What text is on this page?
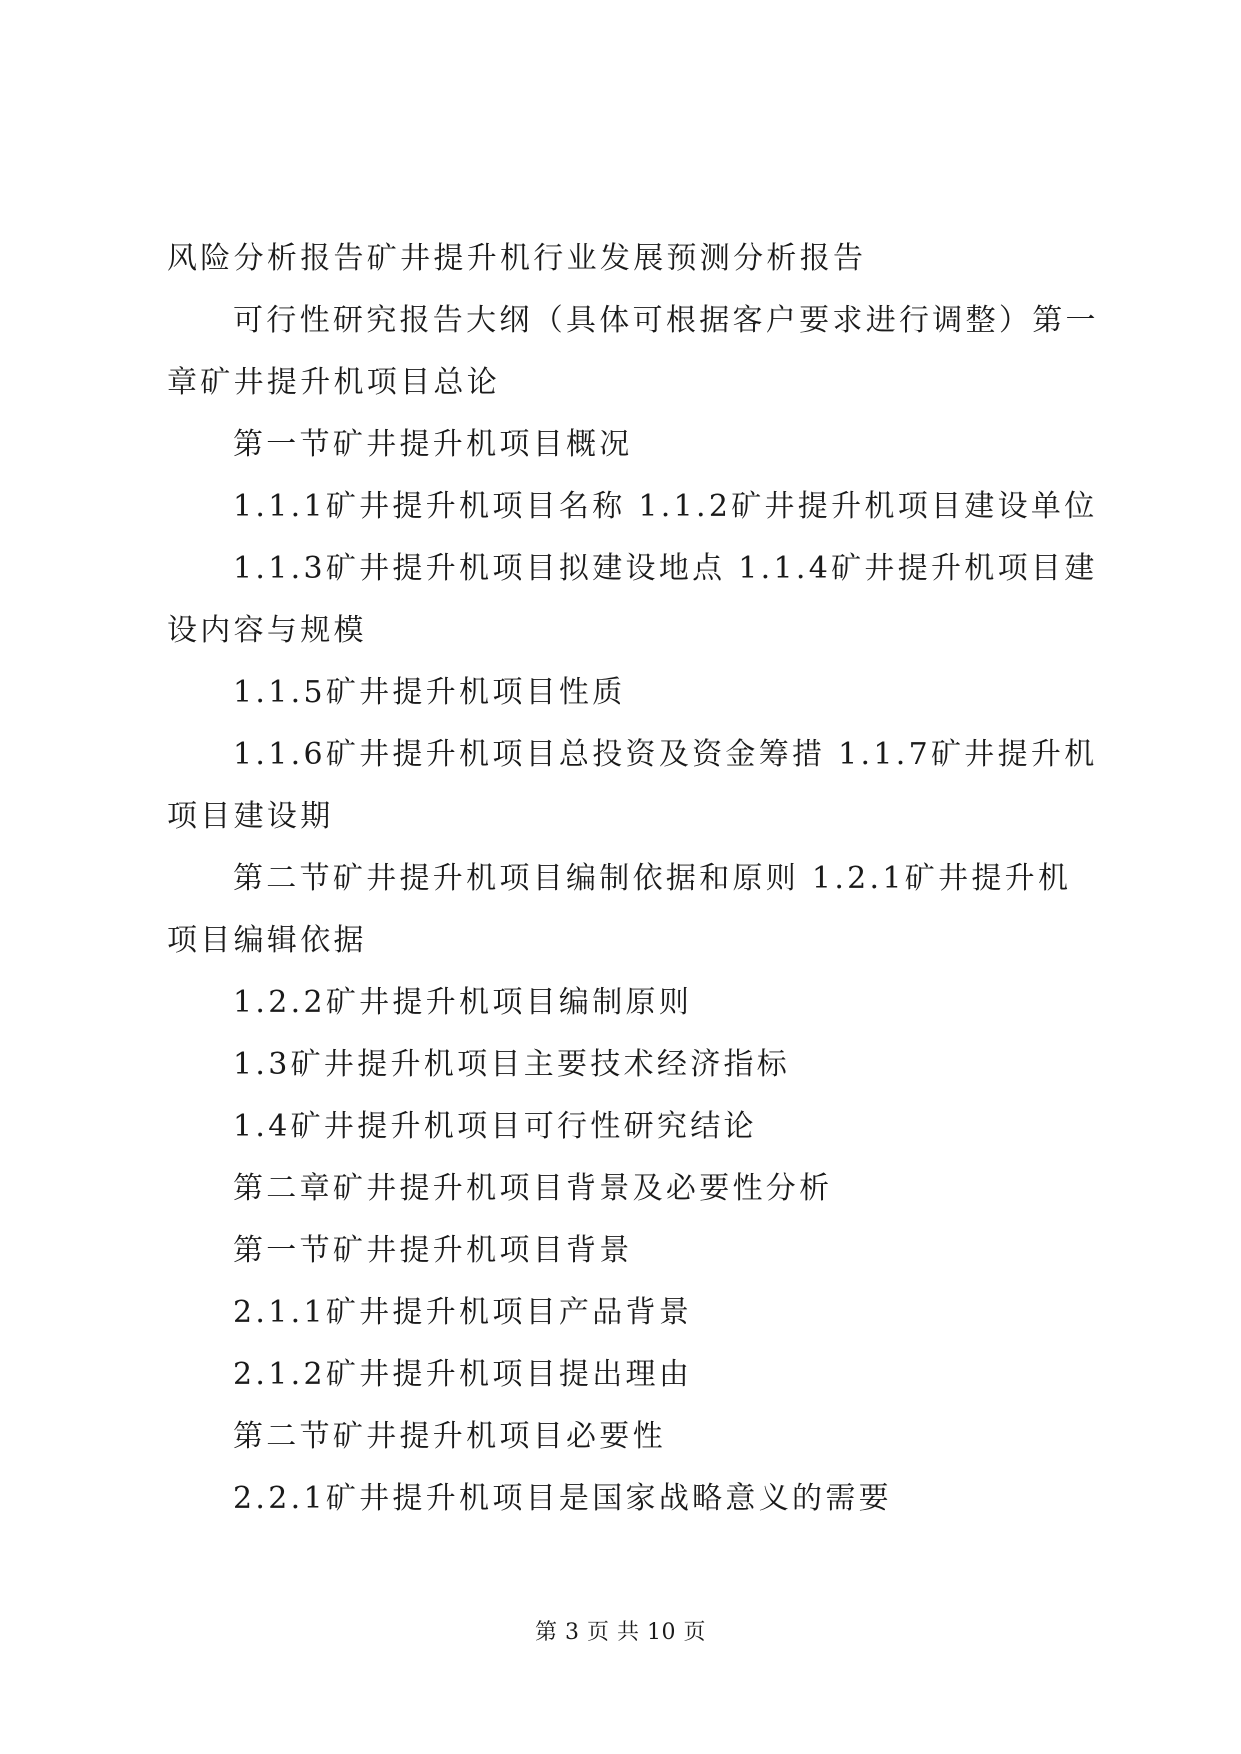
风险分析报告矿井提升机行业发展预测分析报告
可行性研究报告大纲（具体可根据客户要求进行调整）第一
章矿井提升机项目总论
第一节矿井提升机项目概况
1.1.1矿井提升机项目名称 1.1.2矿井提升机项目建设单位
1.1.3矿井提升机项目拟建设地点 1.1.4矿井提升机项目建
设内容与规模
1.1.5矿井提升机项目性质
1.1.6矿井提升机项目总投资及资金筹措 1.1.7矿井提升机
项目建设期
第二节矿井提升机项目编制依据和原则 1.2.1矿井提升机
项目编辑依据
1.2.2矿井提升机项目编制原则
1.3矿井提升机项目主要技术经济指标
1.4矿井提升机项目可行性研究结论
第二章矿井提升机项目背景及必要性分析
第一节矿井提升机项目背景
2.1.1矿井提升机项目产品背景
2.1.2矿井提升机项目提出理由
第二节矿井提升机项目必要性
2.2.1矿井提升机项目是国家战略意义的需要
第 3 页 共 10 页
